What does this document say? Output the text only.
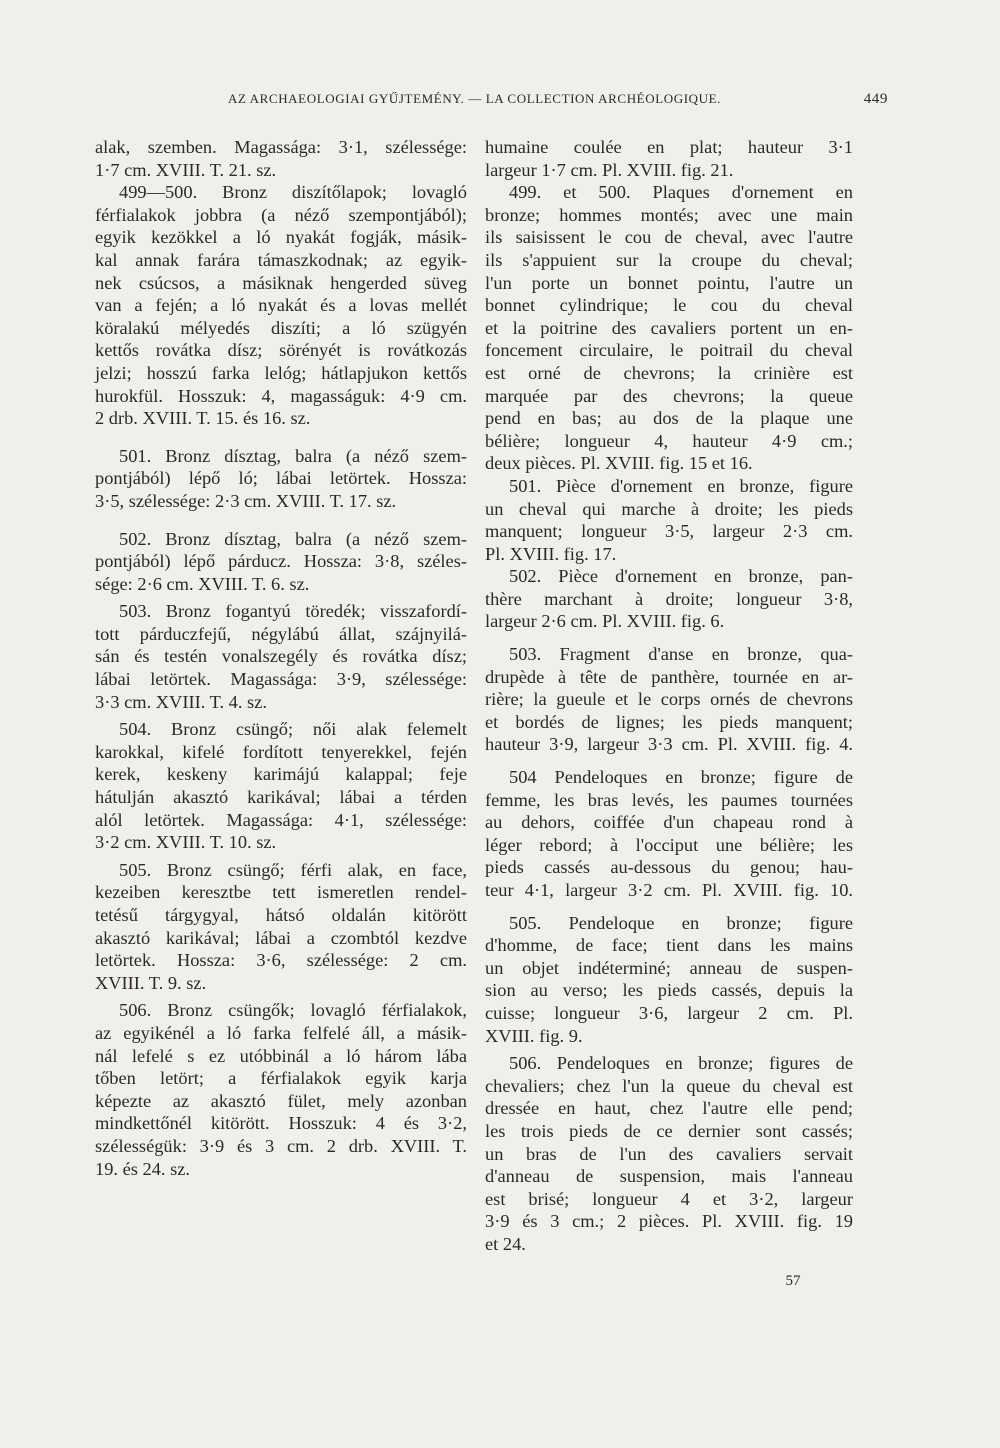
AZ ARCHAEOLOGIAI GYŰJTEMÉNY. — LA COLLECTION ARCHÉOLOGIQUE.	449
alak, szemben. Magassága: 3·1, szélessége:
1·7 cm. XVIII. T. 21. sz.
499—500. Bronz diszítőlapok; lovagló
férfialakok jobbra (a néző szempontjából);
egyik kezökkel a ló nyakát fogják, másik-
kal annak farára támaszkodnak; az egyik-
nek csúcsos, a másiknak hengerded süveg
van a fején; a ló nyakát és a lovas mellét
köralakú mélyedés diszíti; a ló szügyén
kettős rovátka dísz; sörényét is rovátkozás
jelzi; hosszú farka lelóg; hátlapjukon kettős
hurokfül. Hosszuk: 4, magasságuk: 4·9 cm.
2 drb. XVIII. T. 15. és 16. sz.
501. Bronz dísztag, balra (a néző szem-
pontjából) lépő ló; lábai letörtek. Hossza:
3·5, szélessége: 2·3 cm. XVIII. T. 17. sz.
502. Bronz dísztag, balra (a néző szem-
pontjából) lépő párducz. Hossza: 3·8, széles-
sége: 2·6 cm. XVIII. T. 6. sz.
503. Bronz fogantyú töredék; visszafordí-
tott párduczfejű, négylábú állat, szájnyilá-
sán és testén vonalszegély és rovátka dísz;
lábai letörtek. Magassága: 3·9, szélessége:
3·3 cm. XVIII. T. 4. sz.
504. Bronz csüngő; női alak felemelt
karokkal, kifelé fordított tenyerekkel, fején
kerek, keskeny karimájú kalappal; feje
hátulján akasztó karikával; lábai a térden
alól letörtek. Magassága: 4·1, szélessége:
3·2 cm. XVIII. T. 10. sz.
505. Bronz csüngő; férfi alak, en face,
kezeiben keresztbe tett ismeretlen rendel-
tetésű tárgygyal, hátsó oldalán kitörött
akasztó karikával; lábai a czombtól kezdve
letörtek. Hossza: 3·6, szélessége: 2 cm.
XVIII. T. 9. sz.
506. Bronz csüngők; lovagló férfialakok,
az egyikénél a ló farka felfelé áll, a másik-
nál lefelé s ez utóbbinál a ló három lába
tőben letört; a férfialakok egyik karja
képezte az akasztó fület, mely azonban
mindkettőnél kitörött. Hosszuk: 4 és 3·2,
szélességük: 3·9 és 3 cm. 2 drb. XVIII. T.
19. és 24. sz.
humaine coulée en plat; hauteur 3·1
largeur 1·7 cm. Pl. XVIII. fig. 21.
499. et 500. Plaques d'ornement en
bronze; hommes montés; avec une main
ils saisissent le cou de cheval, avec l'autre
ils s'appuient sur la croupe du cheval;
l'un porte un bonnet pointu, l'autre un
bonnet cylindrique; le cou du cheval
et la poitrine des cavaliers portent un en-
foncement circulaire, le poitrail du cheval
est orné de chevrons; la crinière est
marquée par des chevrons; la queue
pend en bas; au dos de la plaque une
bélière; longueur 4, hauteur 4·9 cm.;
deux pièces. Pl. XVIII. fig. 15 et 16.
501. Pièce d'ornement en bronze, figure
un cheval qui marche à droite; les pieds
manquent; longueur 3·5, largeur 2·3 cm.
Pl. XVIII. fig. 17.
502. Pièce d'ornement en bronze, pan-
thère marchant à droite; longueur 3·8,
largeur 2·6 cm. Pl. XVIII. fig. 6.
503. Fragment d'anse en bronze, qua-
drupède à tête de panthère, tournée en ar-
rière; la gueule et le corps ornés de chevrons
et bordés de lignes; les pieds manquent;
hauteur 3·9, largeur 3·3 cm. Pl. XVIII. fig. 4.
504 Pendeloques en bronze; figure de
femme, les bras levés, les paumes tournées
au dehors, coiffée d'un chapeau rond à
léger rebord; à l'occiput une bélière; les
pieds cassés au-dessous du genou; hau-
teur 4·1, largeur 3·2 cm. Pl. XVIII. fig. 10.
505. Pendeloque en bronze; figure
d'homme, de face; tient dans les mains
un objet indéterminé; anneau de suspen-
sion au verso; les pieds cassés, depuis la
cuisse; longueur 3·6, largeur 2 cm. Pl.
XVIII. fig. 9.
506. Pendeloques en bronze; figures de
chevaliers; chez l'un la queue du cheval est
dressée en haut, chez l'autre elle pend;
les trois pieds de ce dernier sont cassés;
un bras de l'un des cavaliers servait
d'anneau de suspension, mais l'anneau
est brisé; longueur 4 et 3·2, largeur
3·9 és 3 cm.; 2 pièces. Pl. XVIII. fig. 19
et 24.
57
